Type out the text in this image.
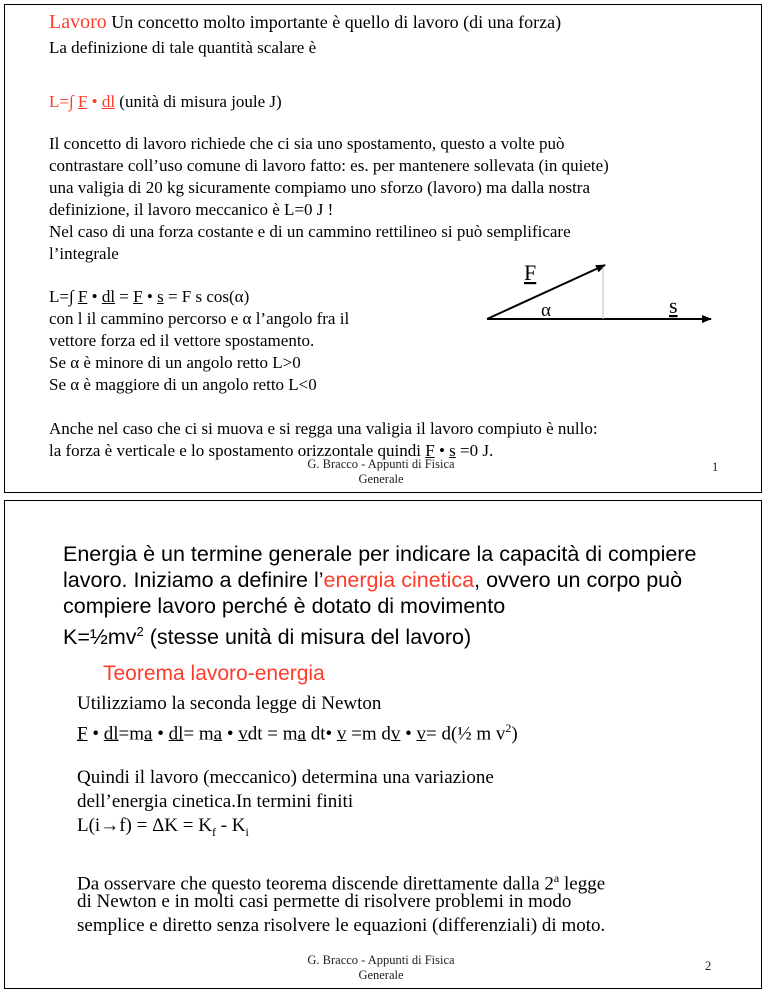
Lavoro Un concetto molto importante è quello di lavoro (di una forza)
La definizione di tale quantità scalare è
L=∫ F • dl (unità di misura joule J)
Il concetto di lavoro richiede che ci sia uno spostamento, questo a volte può
contrastare coll’uso comune di lavoro fatto: es. per mantenere sollevata (in quiete)
una valigia di 20 kg sicuramente compiamo uno sforzo (lavoro) ma dalla nostra
definizione, il lavoro meccanico è L=0 J !
Nel caso di una forza costante e di un cammino rettilineo si può semplificare
l’integrale
L=∫ F • dl = F • s = F s cos(α)
con l il cammino percorso e α l’angolo fra il
vettore forza ed il vettore spostamento.
Se α è minore di un angolo retto L>0
Se α è maggiore di un angolo retto L<0
F
α	s
Anche nel caso che ci si muova e si regga una valigia il lavoro compiuto è nullo:
la forza è verticale e lo spostamento orizzontale quindi F • s =0 J.
G. Bracco - Appunti di Fisica
Generale
1
Energia è un termine generale per indicare la capacità di compiere
lavoro. Iniziamo a definire l’energia cinetica, ovvero un corpo può
compiere lavoro perché è dotato di movimento
$K=\frac{1}{2}mv^2$ (stesse unità di misura del lavoro)
Teorema lavoro-energia
Utilizziamo la seconda legge di Newton
F • dl=ma • dl= ma • vdt = ma dt• v =m dv • v= d(½ m $v^2$)
Quindi il lavoro (meccanico) determina una variazione
dell’energia cinetica.In termini finiti
$L(i\to f) = \Delta K = K_f - K_i$
Da osservare che questo teorema discende direttamente dalla 2$^a$ legge
di Newton e in molti casi permette di risolvere problemi in modo
semplice e diretto senza risolvere le equazioni (differenziali) di moto.
G. Bracco - Appunti di Fisica
Generale
2
